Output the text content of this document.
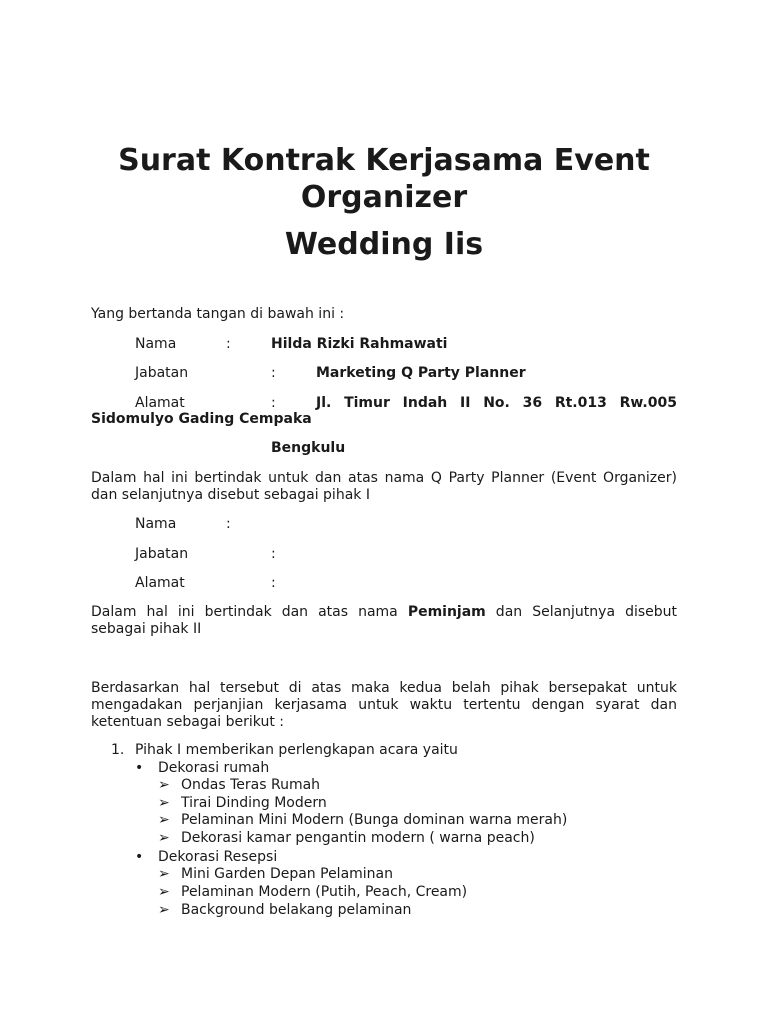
Surat Kontrak Kerjasama Event
Organizer
Wedding Iis

Yang bertanda tangan di bawah ini :

Nama	:	Hilda Rizki Rahmawati

Jabatan	:	Marketing Q Party Planner

Alamat	:	Jl. Timur Indah II No. 36 Rt.013 Rw.005

Sidomulyo Gading Cempaka

Bengkulu

Dalam hal ini bertindak untuk dan atas nama Q Party Planner (Event Organizer) dan selanjutnya disebut sebagai pihak I

Nama	:

Jabatan	:

Alamat	:

Dalam hal ini bertindak dan atas nama Peminjam dan Selanjutnya disebut sebagai pihak II

Berdasarkan hal tersebut di atas maka kedua belah pihak bersepakat untuk mengadakan perjanjian kerjasama untuk waktu tertentu dengan syarat dan ketentuan sebagai berikut :

1. Pihak I memberikan perlengkapan acara yaitu

• Dekorasi rumah

➢ Ondas Teras Rumah

➢ Tirai Dinding Modern

➢ Pelaminan Mini Modern (Bunga dominan warna merah)

➢ Dekorasi kamar pengantin modern ( warna peach)

• Dekorasi Resepsi

➢ Mini Garden Depan Pelaminan

➢ Pelaminan Modern (Putih, Peach, Cream)

➢ Background belakang pelaminan
